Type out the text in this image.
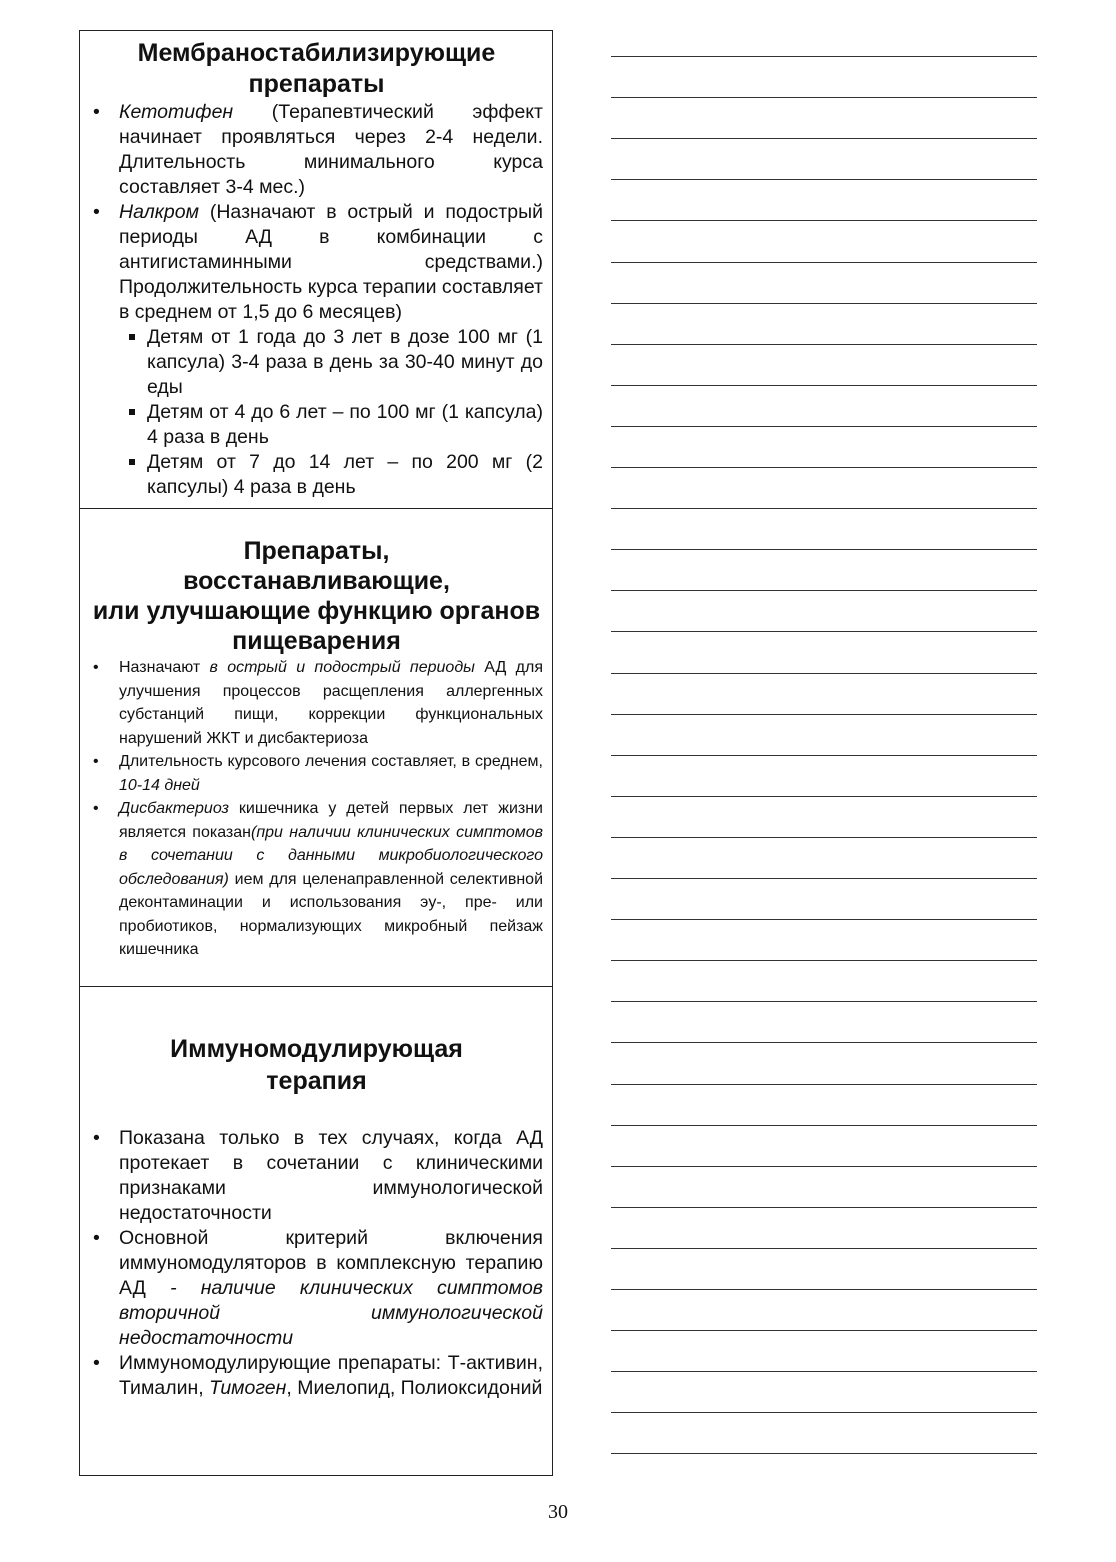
Мембраностабилизирующие
препараты
• Кетотифен (Терапевтический эффект начинает проявляться через 2-4 недели. Длительность минимального курса составляет 3-4 мес.)
• Налкром (Назначают в острый и подострый периоды АД в комбинации с антигистаминными средствами.) Продолжительность курса терапии составляет в среднем от 1,5 до 6 месяцев)
Детям от 1 года до 3 лет в дозе 100 мг (1 капсула) 3-4 раза в день за 30-40 минут до еды
Детям от 4 до 6 лет – по 100 мг (1 капсула) 4 раза в день
Детям от 7 до 14 лет – по 200 мг (2 капсулы) 4 раза в день
Препараты,
восстанавливающие,
или улучшающие функцию органов пищеварения
• Назначают в острый и подострый периоды АД для улучшения процессов расщепления аллергенных субстанций пищи, коррекции функциональных нарушений ЖКТ и дисбактериоза
• Длительность курсового лечения составляет, в среднем, 10-14 дней
• Дисбактериоз кишечника у детей первых лет жизни является показан(при наличии клинических симптомов в сочетании с данными микробиологического обследования) ием для целенаправленной селективной деконтаминации и использования эу-, пре- или пробиотиков, нормализующих микробный пейзаж кишечника
Иммуномодулирующая
терапия
• Показана только в тех случаях, когда АД протекает в сочетании с клиническими признаками иммунологической недостаточности
• Основной критерий включения иммуномодуляторов в комплексную терапию АД - наличие клинических симптомов вторичной иммунологической недостаточности
• Иммуномодулирующие препараты: Т-активин, Тималин, Тимоген, Миелопид, Полиоксидоний
30
